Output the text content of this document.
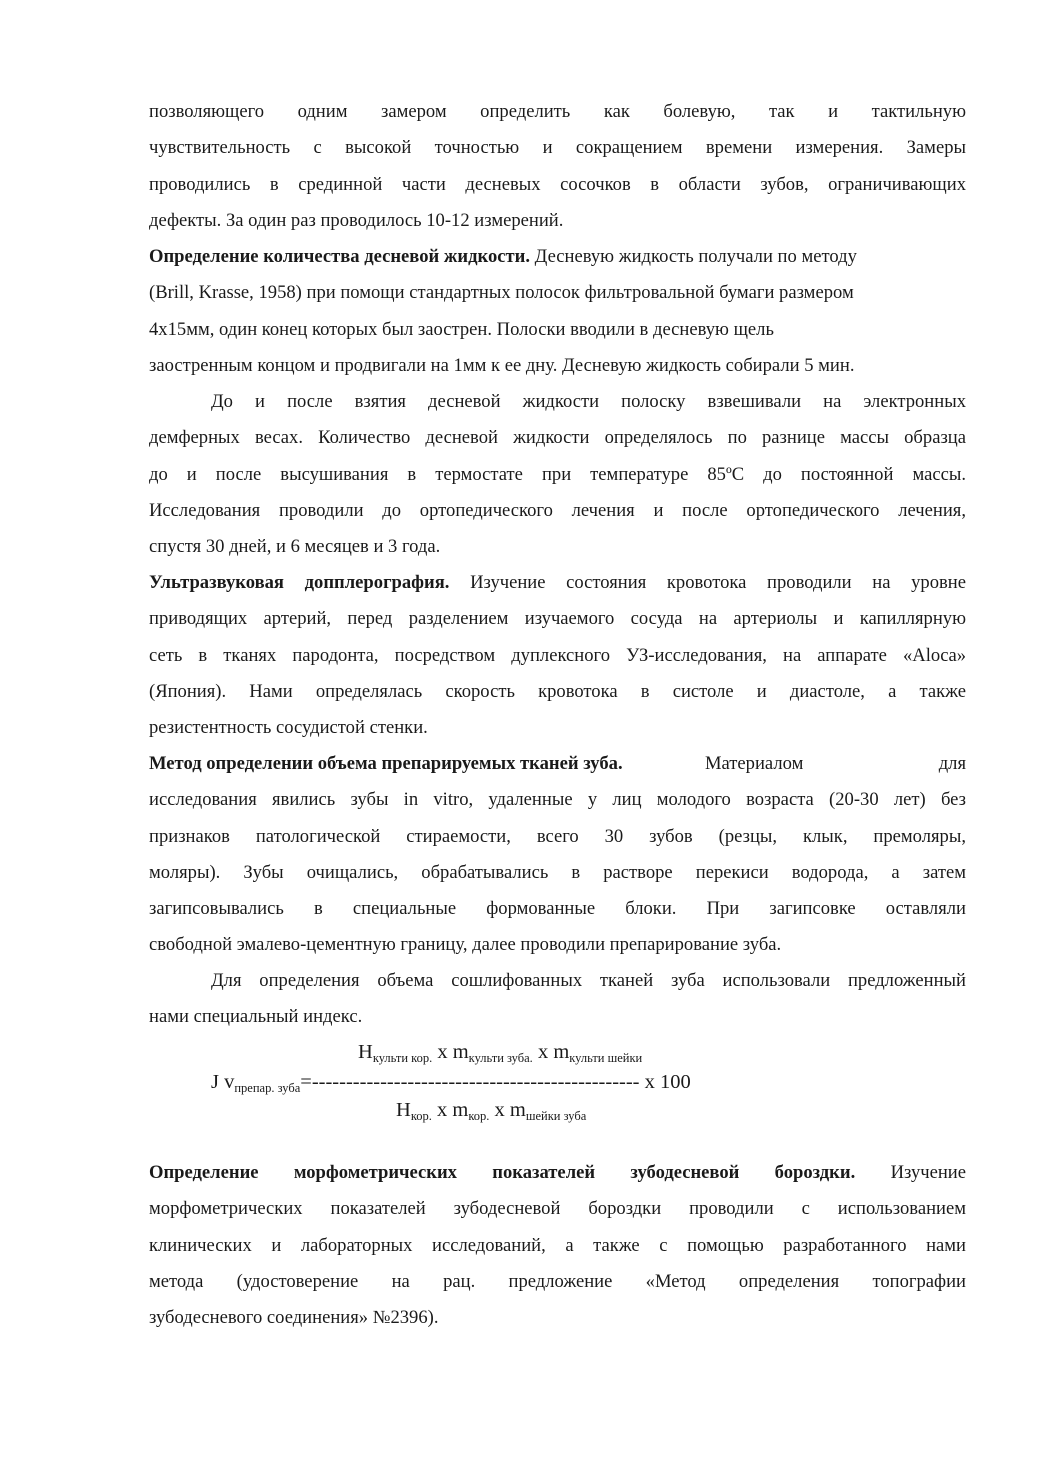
позволяющего одним замером определить как болевую, так и тактильную
чувствительность с высокой точностью и сокращением времени измерения. Замеры
проводились в срединной части десневых сосочков в области зубов, ограничивающих
дефекты. За один раз проводилось 10-12 измерений.
Определение количества десневой жидкости. Десневую жидкость получали по методу
(Brill, Krasse, 1958) при помощи стандартных полосок фильтровальной бумаги размером
4х15мм, один конец которых был заострен. Полоски вводили в десневую щель
заостренным концом и продвигали на 1мм к ее дну. Десневую жидкость собирали 5 мин.
До и после взятия десневой жидкости полоску взвешивали на электронных
демферных весах. Количество десневой жидкости определялось по разнице массы образца
до и после высушивания в термостате при температуре 85ºС до постоянной массы.
Исследования проводили до ортопедического лечения и после ортопедического лечения,
спустя 30 дней, и 6 месяцев и 3 года.
Ультразвуковая допплерография. Изучение состояния кровотока проводили на уровне
приводящих артерий, перед разделением изучаемого сосуда на артериолы и капиллярную
сеть в тканях пародонта, посредством дуплексного УЗ-исследования, на аппарате «Aloca»
(Япония). Нами определялась скорость кровотока в систоле и диастоле, а также
резистентность сосудистой стенки.
Метод определении объема препарируемых тканей зуба.	Материалом	для
исследования явились зубы in vitro, удаленные у лиц молодого возраста (20-30 лет) без
признаков патологической стираемости, всего 30 зубов (резцы, клык, премоляры,
моляры). Зубы очищались, обрабатывались в растворе перекиси водорода, а затем
загипсовывались в специальные формованные блоки. При загипсовке оставляли
свободной эмалево-цементную границу, далее проводили препарирование зуба.
Для определения объема сошлифованных тканей зуба использовали предложенный
нами специальный индекс.
$Н_{культи кор.}$ х $m_{культи зуба.}$ х $m_{культи шейки}$
J $v_{препар. зуба}=------------------------------------------------$ х 100
$Н_{кор.}$ х $m_{кор.}$ х $m_{шейки зуба}$
Определение морфометрических показателей зубодесневой бороздки. Изучение
морфометрических показателей зубодесневой бороздки проводили с использованием
клинических и лабораторных исследований, а также с помощью разработанного нами
метода (удостоверение на рац. предложение «Метод определения топографии
зубодесневого соединения» №2396).
